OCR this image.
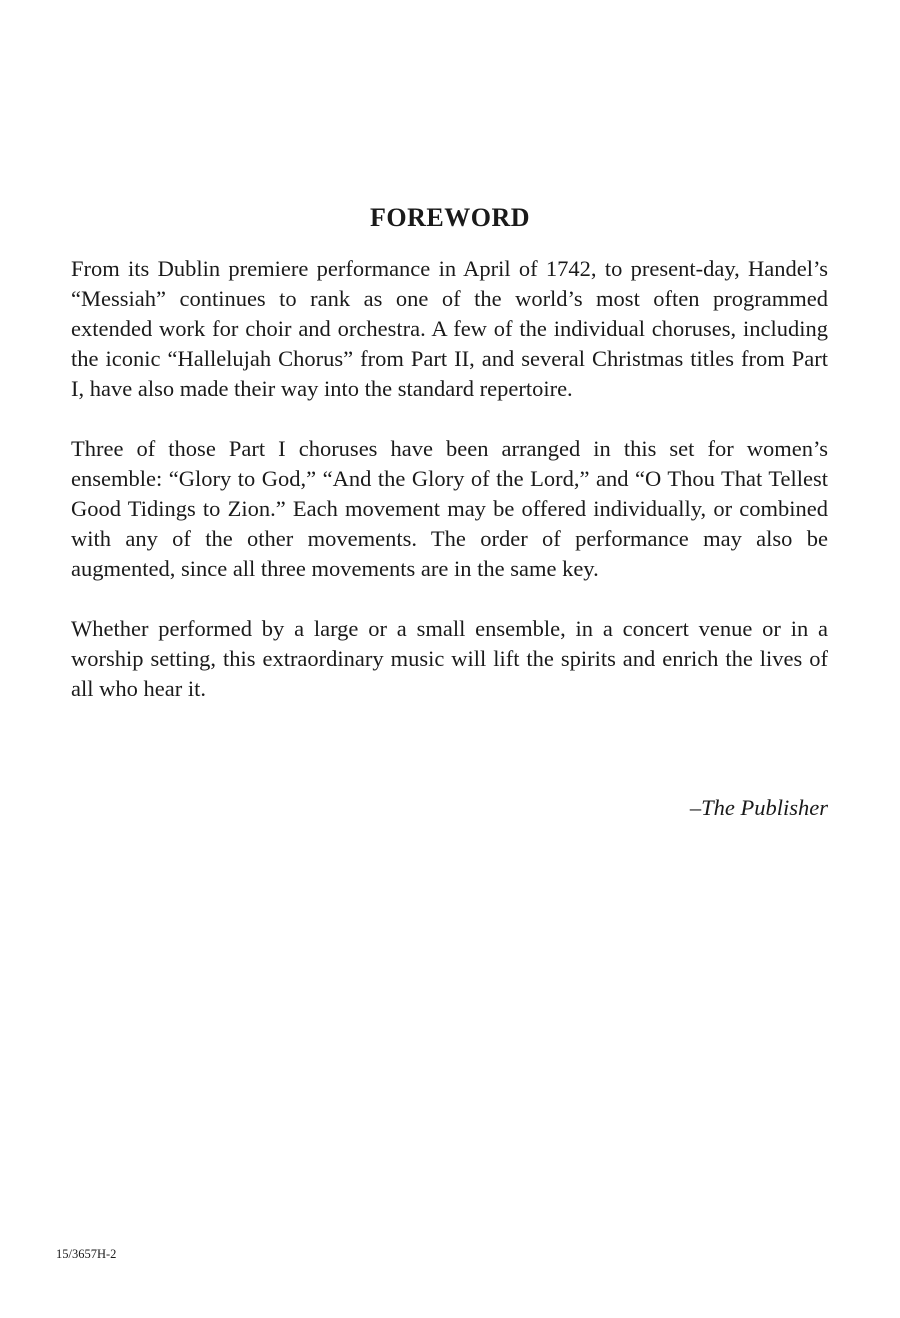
FOREWORD

From its Dublin premiere performance in April of 1742, to present-day, Handel’s “Messiah” continues to rank as one of the world’s most often programmed extended work for choir and orchestra. A few of the individual choruses, including the iconic “Hallelujah Chorus” from Part II, and several Christmas titles from Part I, have also made their way into the standard repertoire.

Three of those Part I choruses have been arranged in this set for women’s ensemble: “Glory to God,” “And the Glory of the Lord,” and “O Thou That Tellest Good Tidings to Zion.” Each movement may be offered individually, or combined with any of the other movements. The order of performance may also be augmented, since all three movements are in the same key.

Whether performed by a large or a small ensemble, in a concert venue or in a worship setting, this extraordinary music will lift the spirits and enrich the lives of all who hear it.

–The Publisher
15/3657H-2
